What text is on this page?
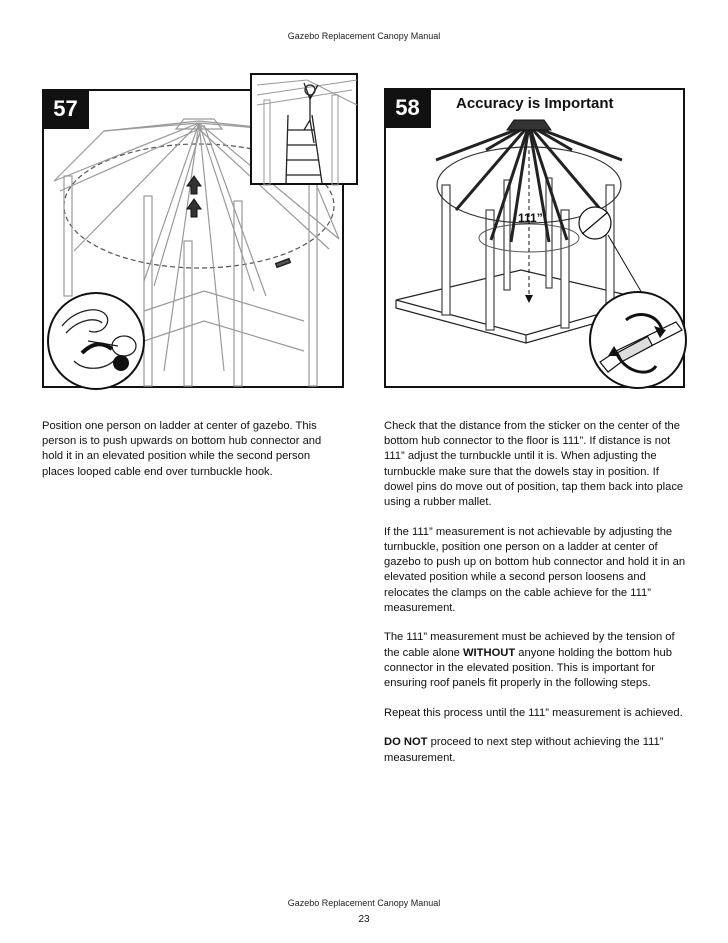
Gazebo Replacement Canopy Manual
57

Position one person on ladder at center of gazebo. This person is to push upwards on bottom hub connector and hold it in an elevated position while the second person places looped cable end over turnbuckle hook.

58	Accuracy is Important
111”

Check that the distance from the sticker on the center of the bottom hub connector to the floor is 111”. If distance is not 111” adjust the turnbuckle until it is. When adjusting the turnbuckle make sure that the dowels stay in position. If dowel pins do move out of position, tap them back into place using a rubber mallet.

If the 111” measurement is not achievable by adjusting the turnbuckle, position one person on a ladder at center of gazebo to push up on bottom hub connector and hold it in an elevated position while a second person loosens and relocates the clamps on the cable achieve for the 111” measurement.

The 111” measurement must be achieved by the tension of the cable alone WITHOUT anyone holding the bottom hub connector in the elevated position. This is important for ensuring roof panels fit properly in the following steps.

Repeat this process until the 111” measurement is achieved.

DO NOT proceed to next step without achieving the 111” measurement.

Gazebo Replacement Canopy Manual
23
